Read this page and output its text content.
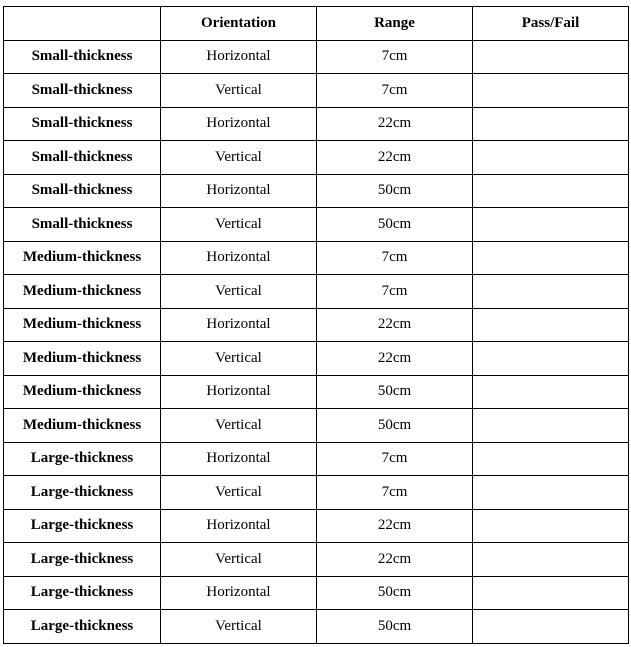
	Orientation	Range	Pass/Fail
Small-thickness	Horizontal	7cm	
Small-thickness	Vertical	7cm	
Small-thickness	Horizontal	22cm	
Small-thickness	Vertical	22cm	
Small-thickness	Horizontal	50cm	
Small-thickness	Vertical	50cm	
Medium-thickness	Horizontal	7cm	
Medium-thickness	Vertical	7cm	
Medium-thickness	Horizontal	22cm	
Medium-thickness	Vertical	22cm	
Medium-thickness	Horizontal	50cm	
Medium-thickness	Vertical	50cm	
Large-thickness	Horizontal	7cm	
Large-thickness	Vertical	7cm	
Large-thickness	Horizontal	22cm	
Large-thickness	Vertical	22cm	
Large-thickness	Horizontal	50cm	
Large-thickness	Vertical	50cm	
